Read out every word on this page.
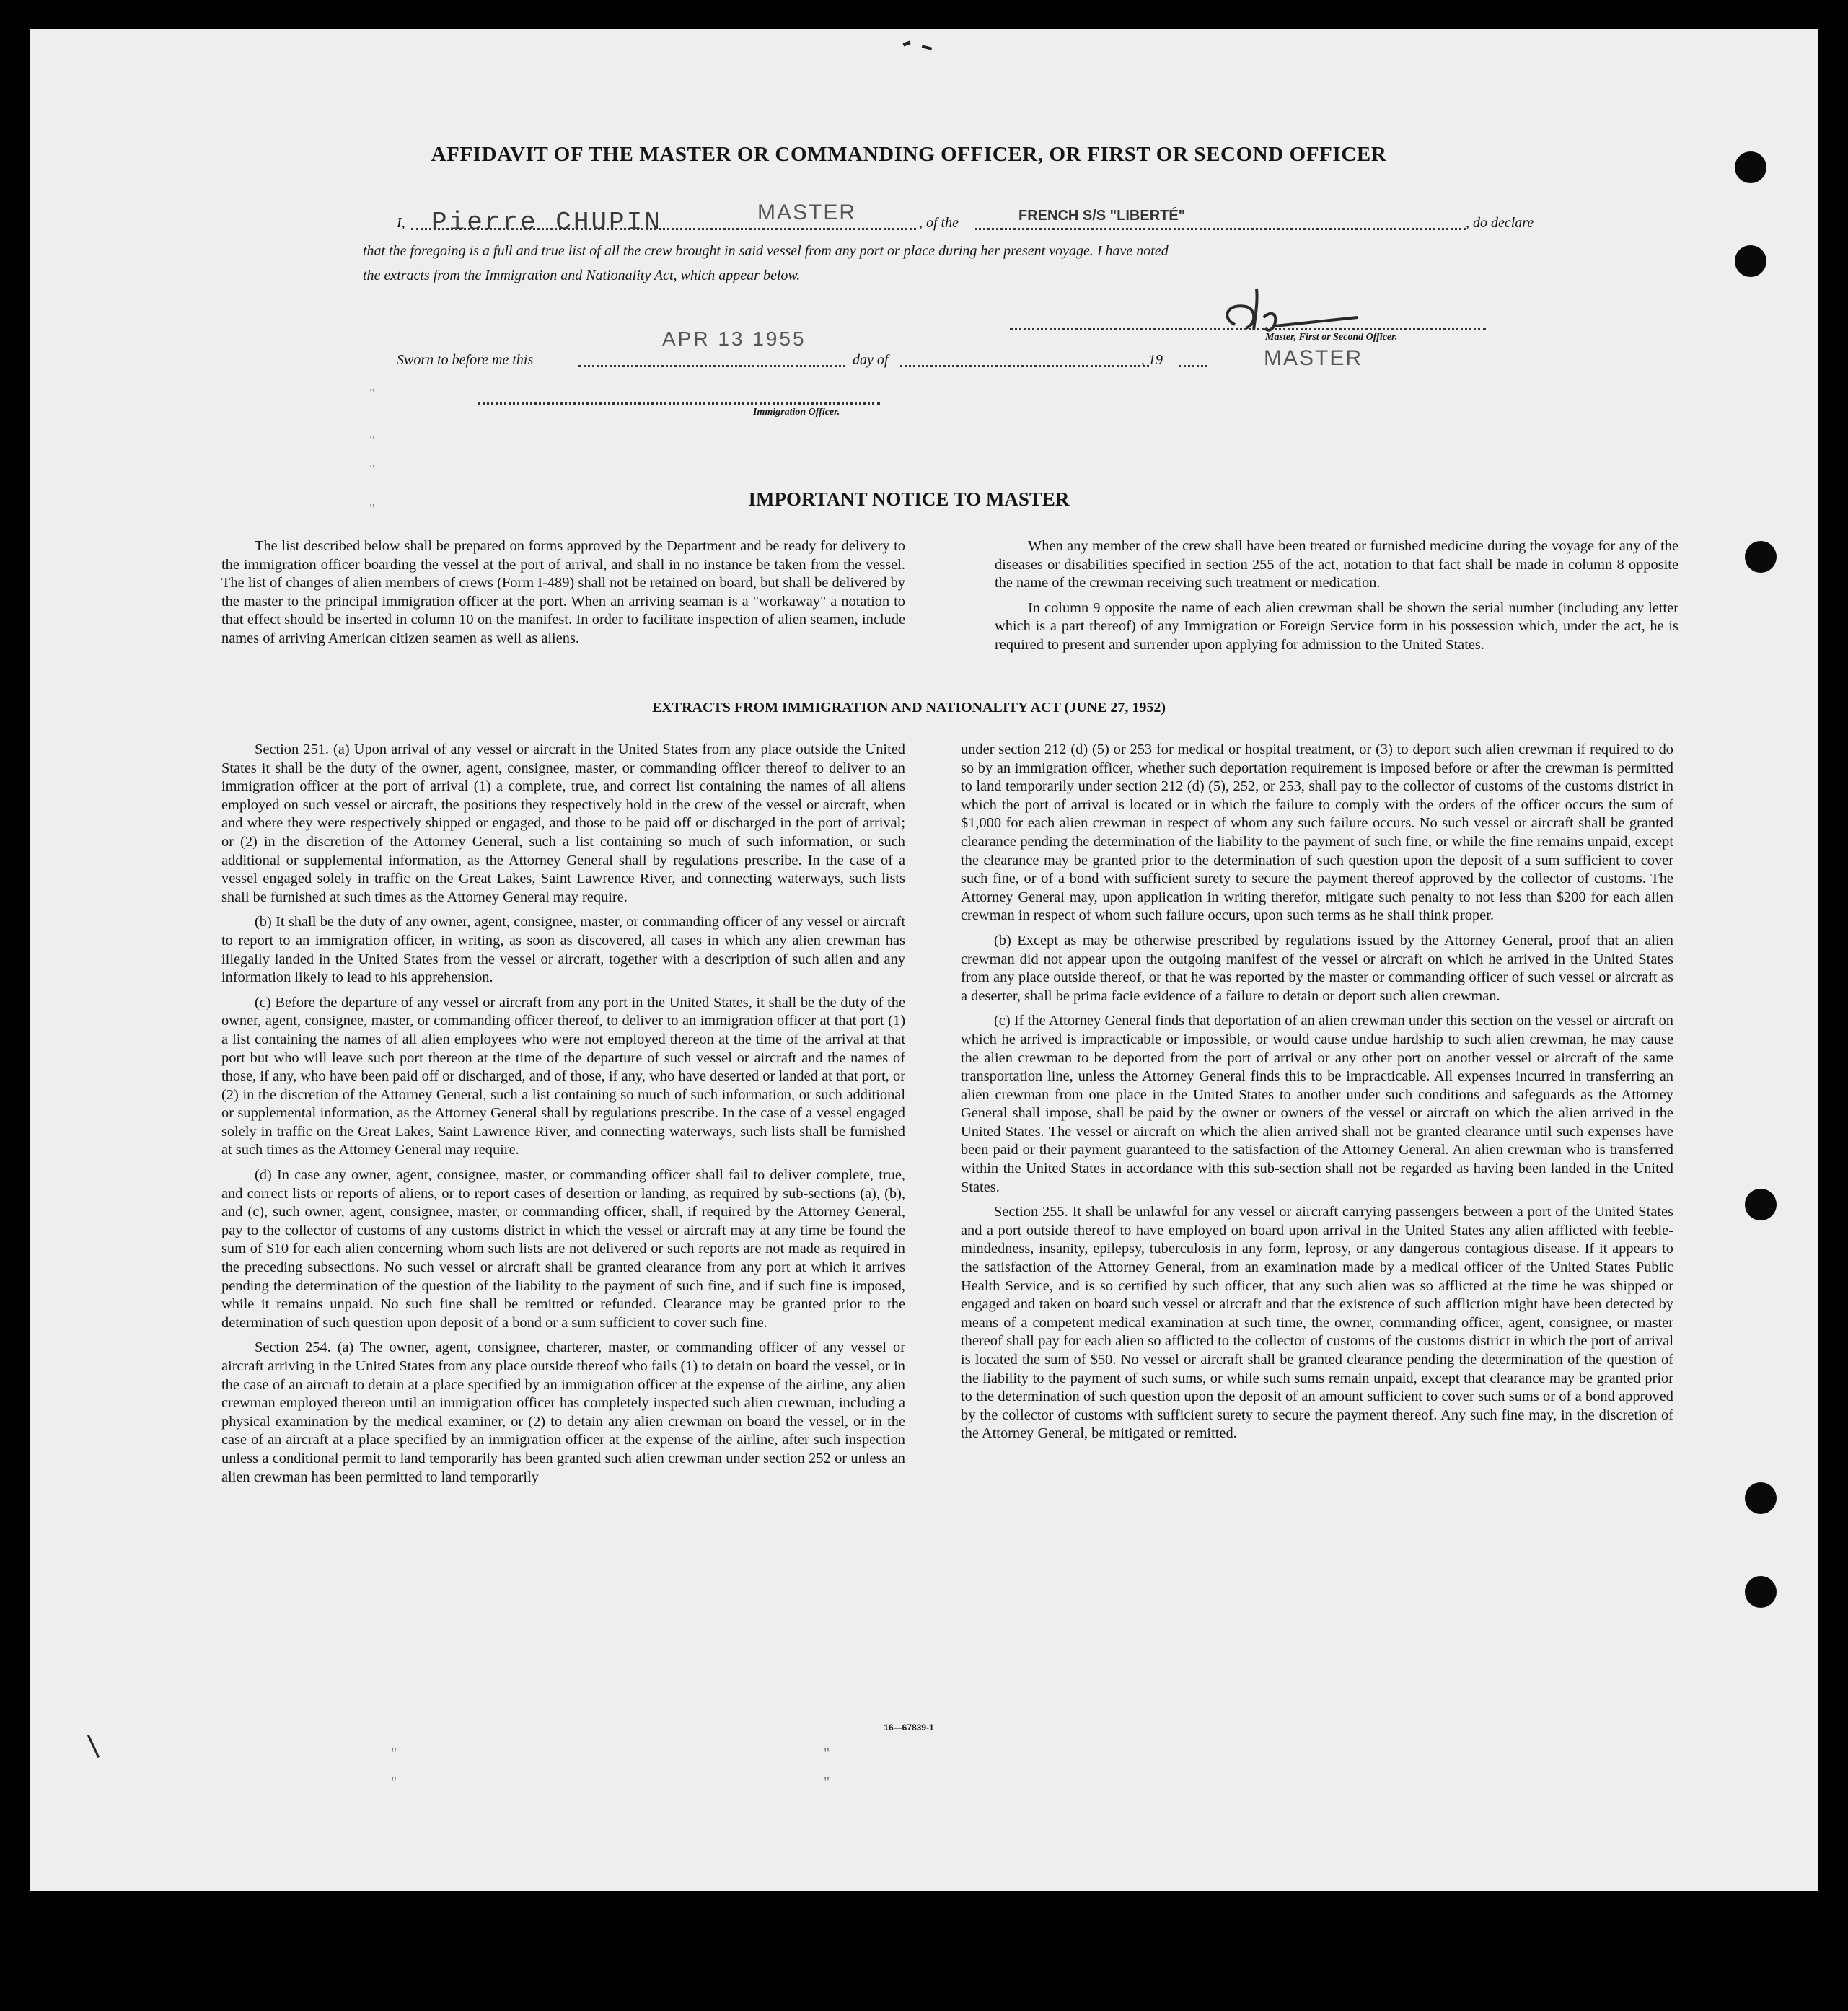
AFFIDAVIT OF THE MASTER OR COMMANDING OFFICER, OR FIRST OR SECOND OFFICER
I, Pierre CHUPIN	MASTER	, of the	FRENCH S/S "LIBERTÉ"	, do declare
that the foregoing is a full and true list of all the crew brought in said vessel from any port or place during her present voyage. I have noted
the extracts from the Immigration and Nationality Act, which appear below.
Master, First or Second Officer.
APR 13 1955
Sworn to before me this	day of	, 19	MASTER
Immigration Officer.
"
"
"
"	IMPORTANT NOTICE TO MASTER

The list described below shall be prepared on forms approved by the Department and be ready for delivery to the immigration officer boarding the vessel at the port of arrival, and shall in no instance be taken from the vessel. The list of changes of alien members of crews (Form I-489) shall not be retained on board, but shall be delivered by the master to the principal immigration officer at the port. When an arriving seaman is a "workaway" a notation to that effect should be inserted in column 10 on the manifest. In order to facilitate inspection of alien seamen, include names of arriving American citizen seamen as well as aliens.

When any member of the crew shall have been treated or furnished medicine during the voyage for any of the diseases or disabilities specified in section 255 of the act, notation to that fact shall be made in column 8 opposite the name of the crewman receiving such treatment or medication.

In column 9 opposite the name of each alien crewman shall be shown the serial number (including any letter which is a part thereof) of any Immigration or Foreign Service form in his possession which, under the act, he is required to present and surrender upon applying for admission to the United States.

EXTRACTS FROM IMMIGRATION AND NATIONALITY ACT (JUNE 27, 1952)

Section 251. (a) Upon arrival of any vessel or aircraft in the United States from any place outside the United States it shall be the duty of the owner, agent, consignee, master, or commanding officer thereof to deliver to an immigration officer at the port of arrival (1) a complete, true, and correct list containing the names of all aliens employed on such vessel or aircraft, the positions they respectively hold in the crew of the vessel or aircraft, when and where they were respectively shipped or engaged, and those to be paid off or discharged in the port of arrival; or (2) in the discretion of the Attorney General, such a list containing so much of such information, or such additional or supplemental information, as the Attorney General shall by regulations prescribe. In the case of a vessel engaged solely in traffic on the Great Lakes, Saint Lawrence River, and connecting waterways, such lists shall be furnished at such times as the Attorney General may require.

(b) It shall be the duty of any owner, agent, consignee, master, or commanding officer of any vessel or aircraft to report to an immigration officer, in writing, as soon as discovered, all cases in which any alien crewman has illegally landed in the United States from the vessel or aircraft, together with a description of such alien and any information likely to lead to his apprehension.

(c) Before the departure of any vessel or aircraft from any port in the United States, it shall be the duty of the owner, agent, consignee, master, or commanding officer thereof, to deliver to an immigration officer at that port (1) a list containing the names of all alien employees who were not employed thereon at the time of the arrival at that port but who will leave such port thereon at the time of the departure of such vessel or aircraft and the names of those, if any, who have been paid off or discharged, and of those, if any, who have deserted or landed at that port, or (2) in the discretion of the Attorney General, such a list containing so much of such information, or such additional or supplemental information, as the Attorney General shall by regulations prescribe. In the case of a vessel engaged solely in traffic on the Great Lakes, Saint Lawrence River, and connecting waterways, such lists shall be furnished at such times as the Attorney General may require.

(d) In case any owner, agent, consignee, master, or commanding officer shall fail to deliver complete, true, and correct lists or reports of aliens, or to report cases of desertion or landing, as required by sub-sections (a), (b), and (c), such owner, agent, consignee, master, or commanding officer, shall, if required by the Attorney General, pay to the collector of customs of any customs district in which the vessel or aircraft may at any time be found the sum of $10 for each alien concerning whom such lists are not delivered or such reports are not made as required in the preceding subsections. No such vessel or aircraft shall be granted clearance from any port at which it arrives pending the determination of the question of the liability to the payment of such fine, and if such fine is imposed, while it remains unpaid. No such fine shall be remitted or refunded. Clearance may be granted prior to the determination of such question upon deposit of a bond or a sum sufficient to cover such fine.

Section 254. (a) The owner, agent, consignee, charterer, master, or commanding officer of any vessel or aircraft arriving in the United States from any place outside thereof who fails (1) to detain on board the vessel, or in the case of an aircraft to detain at a place specified by an immigration officer at the expense of the airline, any alien crewman employed thereon until an immigration officer has completely inspected such alien crewman, including a physical examination by the medical examiner, or (2) to detain any alien crewman on board the vessel, or in the case of an aircraft at a place specified by an immigration officer at the expense of the airline, after such inspection unless a conditional permit to land temporarily has been granted such alien crewman under section 252 or unless an alien crewman has been permitted to land temporarily

under section 212 (d) (5) or 253 for medical or hospital treatment, or (3) to deport such alien crewman if required to do so by an immigration officer, whether such deportation requirement is imposed before or after the crewman is permitted to land temporarily under section 212 (d) (5), 252, or 253, shall pay to the collector of customs of the customs district in which the port of arrival is located or in which the failure to comply with the orders of the officer occurs the sum of $1,000 for each alien crewman in respect of whom any such failure occurs. No such vessel or aircraft shall be granted clearance pending the determination of the liability to the payment of such fine, or while the fine remains unpaid, except the clearance may be granted prior to the determination of such question upon the deposit of a sum sufficient to cover such fine, or of a bond with sufficient surety to secure the payment thereof approved by the collector of customs. The Attorney General may, upon application in writing therefor, mitigate such penalty to not less than $200 for each alien crewman in respect of whom such failure occurs, upon such terms as he shall think proper.

(b) Except as may be otherwise prescribed by regulations issued by the Attorney General, proof that an alien crewman did not appear upon the outgoing manifest of the vessel or aircraft on which he arrived in the United States from any place outside thereof, or that he was reported by the master or commanding officer of such vessel or aircraft as a deserter, shall be prima facie evidence of a failure to detain or deport such alien crewman.

(c) If the Attorney General finds that deportation of an alien crewman under this section on the vessel or aircraft on which he arrived is impracticable or impossible, or would cause undue hardship to such alien crewman, he may cause the alien crewman to be deported from the port of arrival or any other port on another vessel or aircraft of the same transportation line, unless the Attorney General finds this to be impracticable. All expenses incurred in transferring an alien crewman from one place in the United States to another under such conditions and safeguards as the Attorney General shall impose, shall be paid by the owner or owners of the vessel or aircraft on which the alien arrived in the United States. The vessel or aircraft on which the alien arrived shall not be granted clearance until such expenses have been paid or their payment guaranteed to the satisfaction of the Attorney General. An alien crewman who is transferred within the United States in accordance with this sub-section shall not be regarded as having been landed in the United States.

Section 255. It shall be unlawful for any vessel or aircraft carrying passengers between a port of the United States and a port outside thereof to have employed on board upon arrival in the United States any alien afflicted with feeble-mindedness, insanity, epilepsy, tuberculosis in any form, leprosy, or any dangerous contagious disease. If it appears to the satisfaction of the Attorney General, from an examination made by a medical officer of the United States Public Health Service, and is so certified by such officer, that any such alien was so afflicted at the time he was shipped or engaged and taken on board such vessel or aircraft and that the existence of such affliction might have been detected by means of a competent medical examination at such time, the owner, commanding officer, agent, consignee, or master thereof shall pay for each alien so afflicted to the collector of customs of the customs district in which the port of arrival is located the sum of $50. No vessel or aircraft shall be granted clearance pending the determination of the question of the liability to the payment of such sums, or while such sums remain unpaid, except that clearance may be granted prior to the determination of such question upon the deposit of an amount sufficient to cover such sums or of a bond approved by the collector of customs with sufficient surety to secure the payment thereof. Any such fine may, in the discretion of the Attorney General, be mitigated or remitted.

16—67839-1
"
"
"
"
